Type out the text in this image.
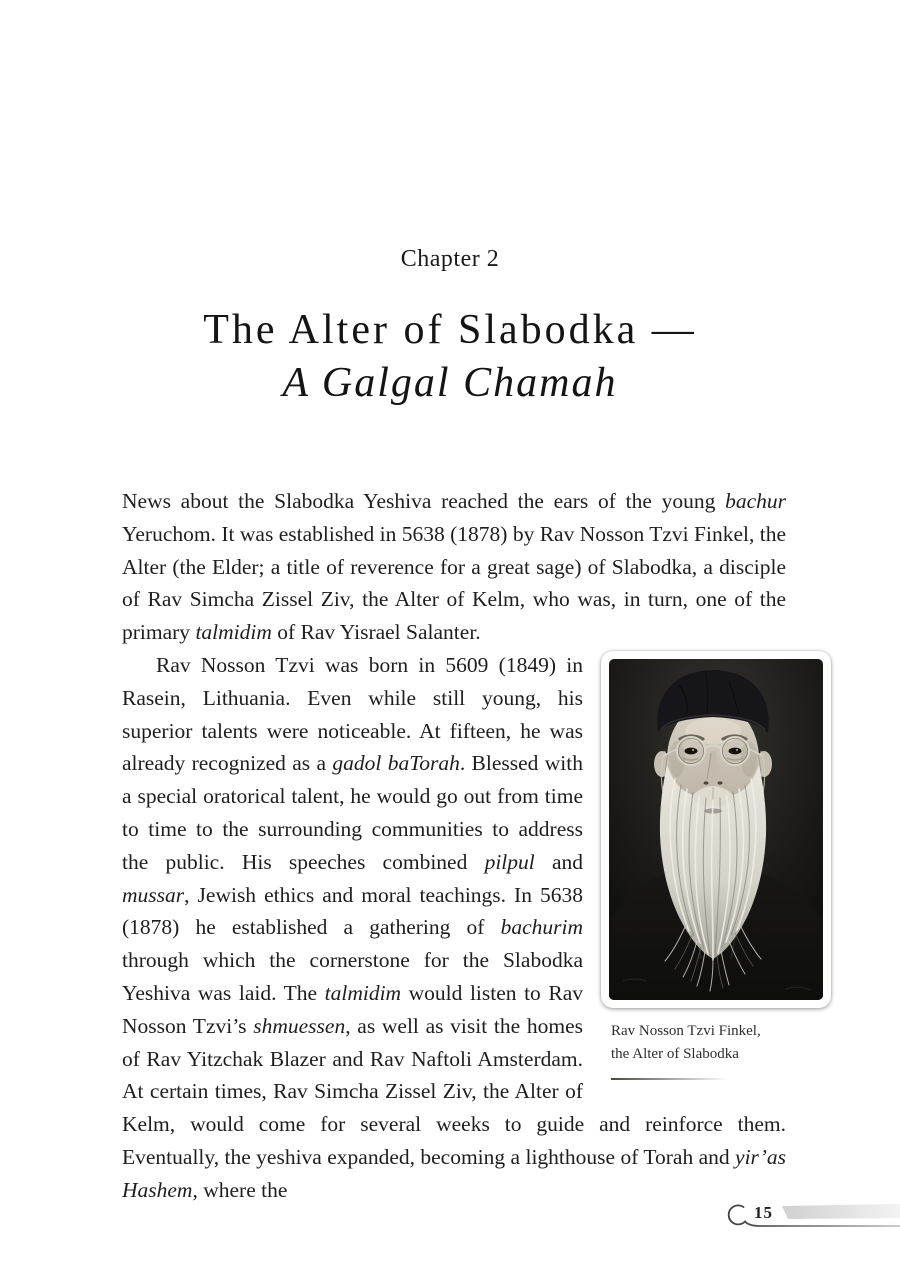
Chapter 2
The Alter of Slabodka —
A Galgal Chamah

News about the Slabodka Yeshiva reached the ears of the young bachur Yeruchom. It was established in 5638 (1878) by Rav Nosson Tzvi Finkel, the Alter (the Elder; a title of reverence for a great sage) of Slabodka, a disciple of Rav Simcha Zissel Ziv, the Alter of Kelm, who was, in turn, one of the primary talmidim of Rav Yisrael Salanter.

Rav Nosson Tzvi Finkel,
the Alter of Slabodka

Rav Nosson Tzvi was born in 5609 (1849) in Rasein, Lithuania. Even while still young, his superior talents were noticeable. At fifteen, he was already recognized as a gadol baTorah. Blessed with a special oratorical talent, he would go out from time to time to the surrounding communities to address the public. His speeches combined pilpul and mussar, Jewish ethics and moral teachings. In 5638 (1878) he established a gathering of bachurim through which the cornerstone for the Slabodka Yeshiva was laid. The talmidim would listen to Rav Nosson Tzvi’s shmuessen, as well as visit the homes of Rav Yitzchak Blazer and Rav Naftoli Amsterdam. At certain times, Rav Simcha Zissel Ziv, the Alter of Kelm, would come for several weeks to guide and reinforce them. Eventually, the yeshiva expanded, becoming a lighthouse of Torah and yir’as Hashem, where the

15
